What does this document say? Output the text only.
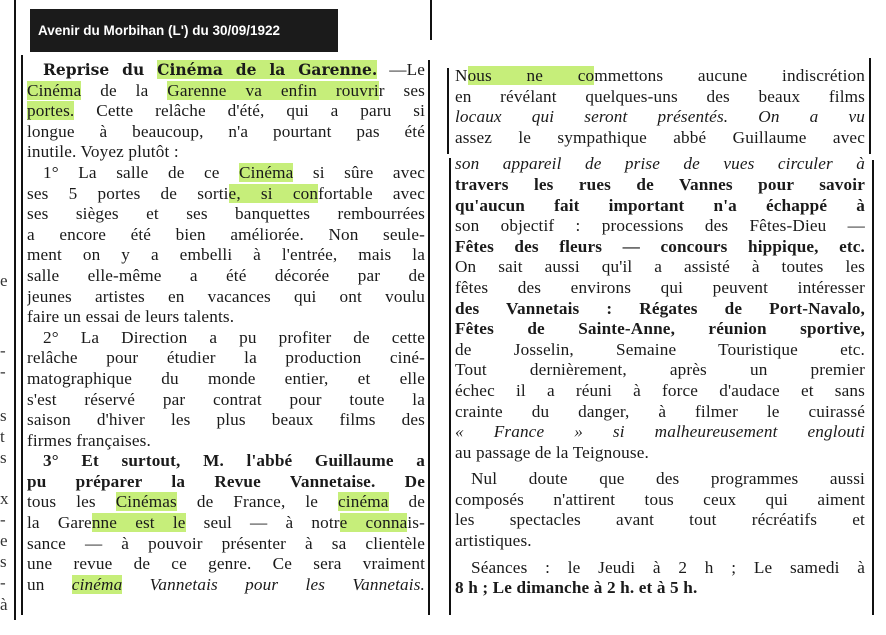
e
-
-
s
t
s
x
-
e
s
-
à
Avenir du Morbihan (L') du 30/09/1922
Reprise du Cinéma de la Garenne. —Le
Cinéma de la Garenne va enfin rouvrir ses
portes. Cette relâche d'été, qui a paru si
longue à beaucoup, n'a pourtant pas été
inutile. Voyez plutôt :
1° La salle de ce Cinéma si sûre avec
ses 5 portes de sortie, si confortable avec
ses sièges et ses banquettes rembourrées
a encore été bien améliorée. Non seule-
ment on y a embelli à l'entrée, mais la
salle elle-même a été décorée par de
jeunes artistes en vacances qui ont voulu
faire un essai de leurs talents.
2° La Direction a pu profiter de cette
relâche pour étudier la production ciné-
matographique du monde entier, et elle
s'est réservé par contrat pour toute la
saison d'hiver les plus beaux films des
firmes françaises.
3° Et surtout, M. l'abbé Guillaume a
pu préparer la Revue Vannetaise. De
tous les Cinémas de France, le cinéma de
la Garenne est le seul — à notre connais-
sance — à pouvoir présenter à sa clientèle
une revue de ce genre. Ce sera vraiment
un cinéma Vannetais pour les Vannetais.
Nous ne commettons aucune indiscrétion
en révélant quelques-uns des beaux films
locaux qui seront présentés. On a vu
assez le sympathique abbé Guillaume avec
son appareil de prise de vues circuler à
travers les rues de Vannes pour savoir
qu'aucun fait important n'a échappé à
son objectif : processions des Fêtes-Dieu —
Fêtes des fleurs — concours hippique, etc.
On sait aussi qu'il a assisté à toutes les
fêtes des environs qui peuvent intéresser
des Vannetais : Régates de Port-Navalo,
Fêtes de Sainte-Anne, réunion sportive,
de Josselin, Semaine Touristique etc.
Tout dernièrement, après un premier
échec il a réuni à force d'audace et sans
crainte du danger, à filmer le cuirassé
« France » si malheureusement englouti
au passage de la Teignouse.
Nul doute que des programmes aussi
composés n'attirent tous ceux qui aiment
les spectacles avant tout récréatifs et
artistiques.
Séances : le Jeudi à 2 h ; Le samedi à
8 h ; Le dimanche à 2 h. et à 5 h.
